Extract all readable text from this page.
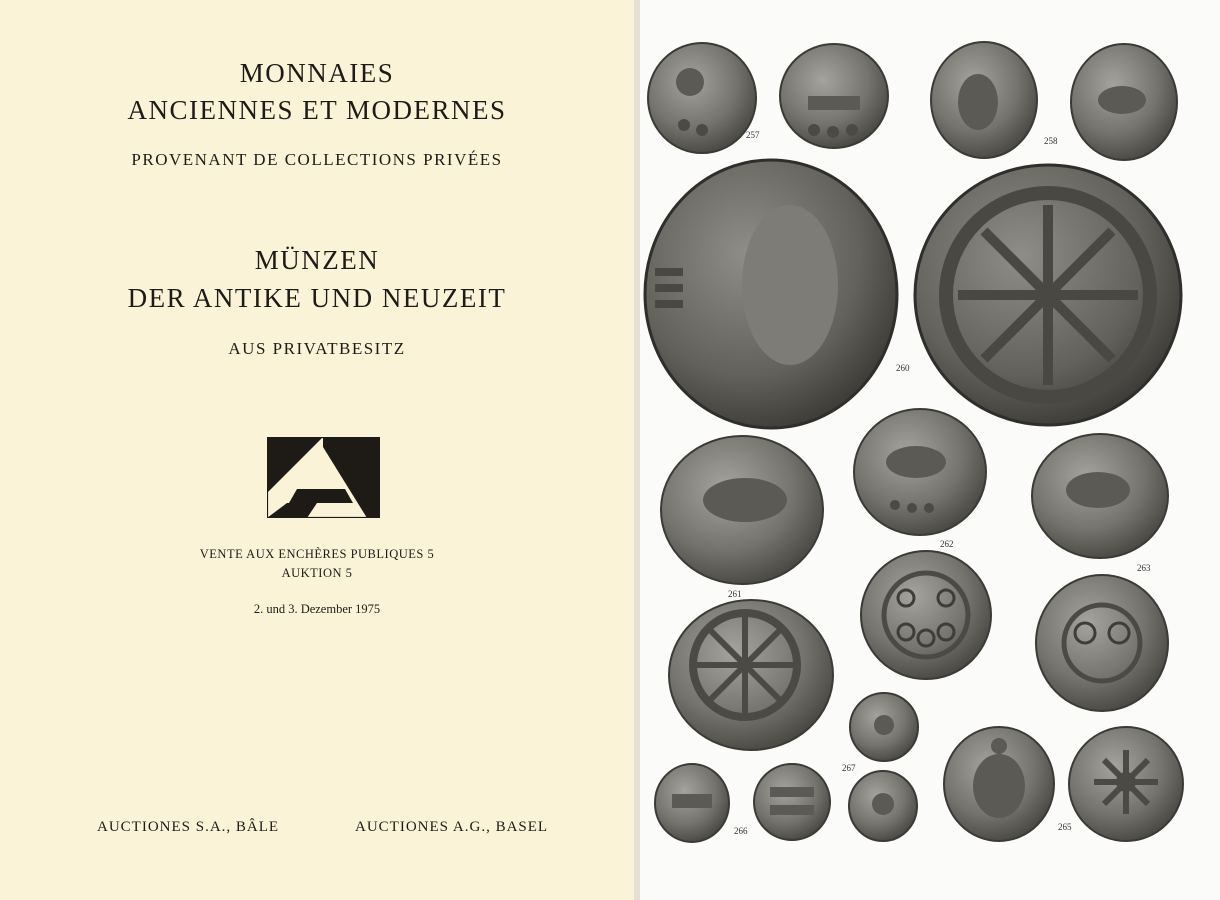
MONNAIES
ANCIENNES ET MODERNES
PROVENANT DE COLLECTIONS PRIVÉES
MÜNZEN
DER ANTIKE UND NEUZEIT
AUS PRIVATBESITZ
VENTE AUX ENCHÈRES PUBLIQUES 5
AUKTION 5
2. und 3. Dezember 1975
AUCTIONES S.A., BÂLE	AUCTIONES A.G., BASEL
257
258
260
261
262
263
265
266
267
